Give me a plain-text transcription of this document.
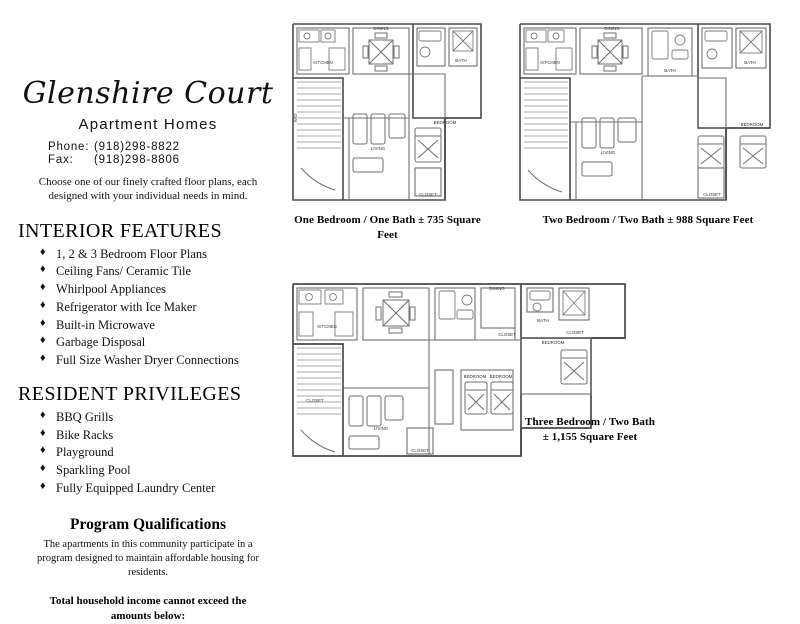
Glenshire Court
Apartment Homes
Phone: (918)298-8822
Fax:	(918)298-8806
Choose one of our finely crafted floor plans, each designed with your individual needs in mind.
INTERIOR FEATURES
♦ 1, 2 & 3 Bedroom Floor Plans
♦ Ceiling Fans/ Ceramic Tile
♦ Whirlpool Appliances
♦ Refrigerator with Ice Maker
♦ Built-in Microwave
♦ Garbage Disposal
♦ Full Size Washer Dryer Connections
RESIDENT PRIVILEGES
♦ BBQ Grills
♦ Bike Racks
♦ Playground
♦ Sparkling Pool
♦ Fully Equipped Laundry Center
Program Qualifications
The apartments in this community participate in a program designed to maintain affordable housing for residents.
Total household income cannot exceed the amounts below:
KITCHEN
DINING
BATH
LIVING
BEDROOM
CLOSET
W/D
One Bedroom / One Bath ± 735 Square Feet
KITCHEN
DINING
BATH
BATH
LIVING
BEDROOM
CLOSET
Two Bedroom / Two Bath ± 988 Square Feet
KITCHEN
DINING
BATH
CLOSET
LIVING
BEDROOM
BEDROOM BEDROOM
CLOSET
CLOSET
CLOSET
Three Bedroom / Two Bath
± 1,155 Square Feet
